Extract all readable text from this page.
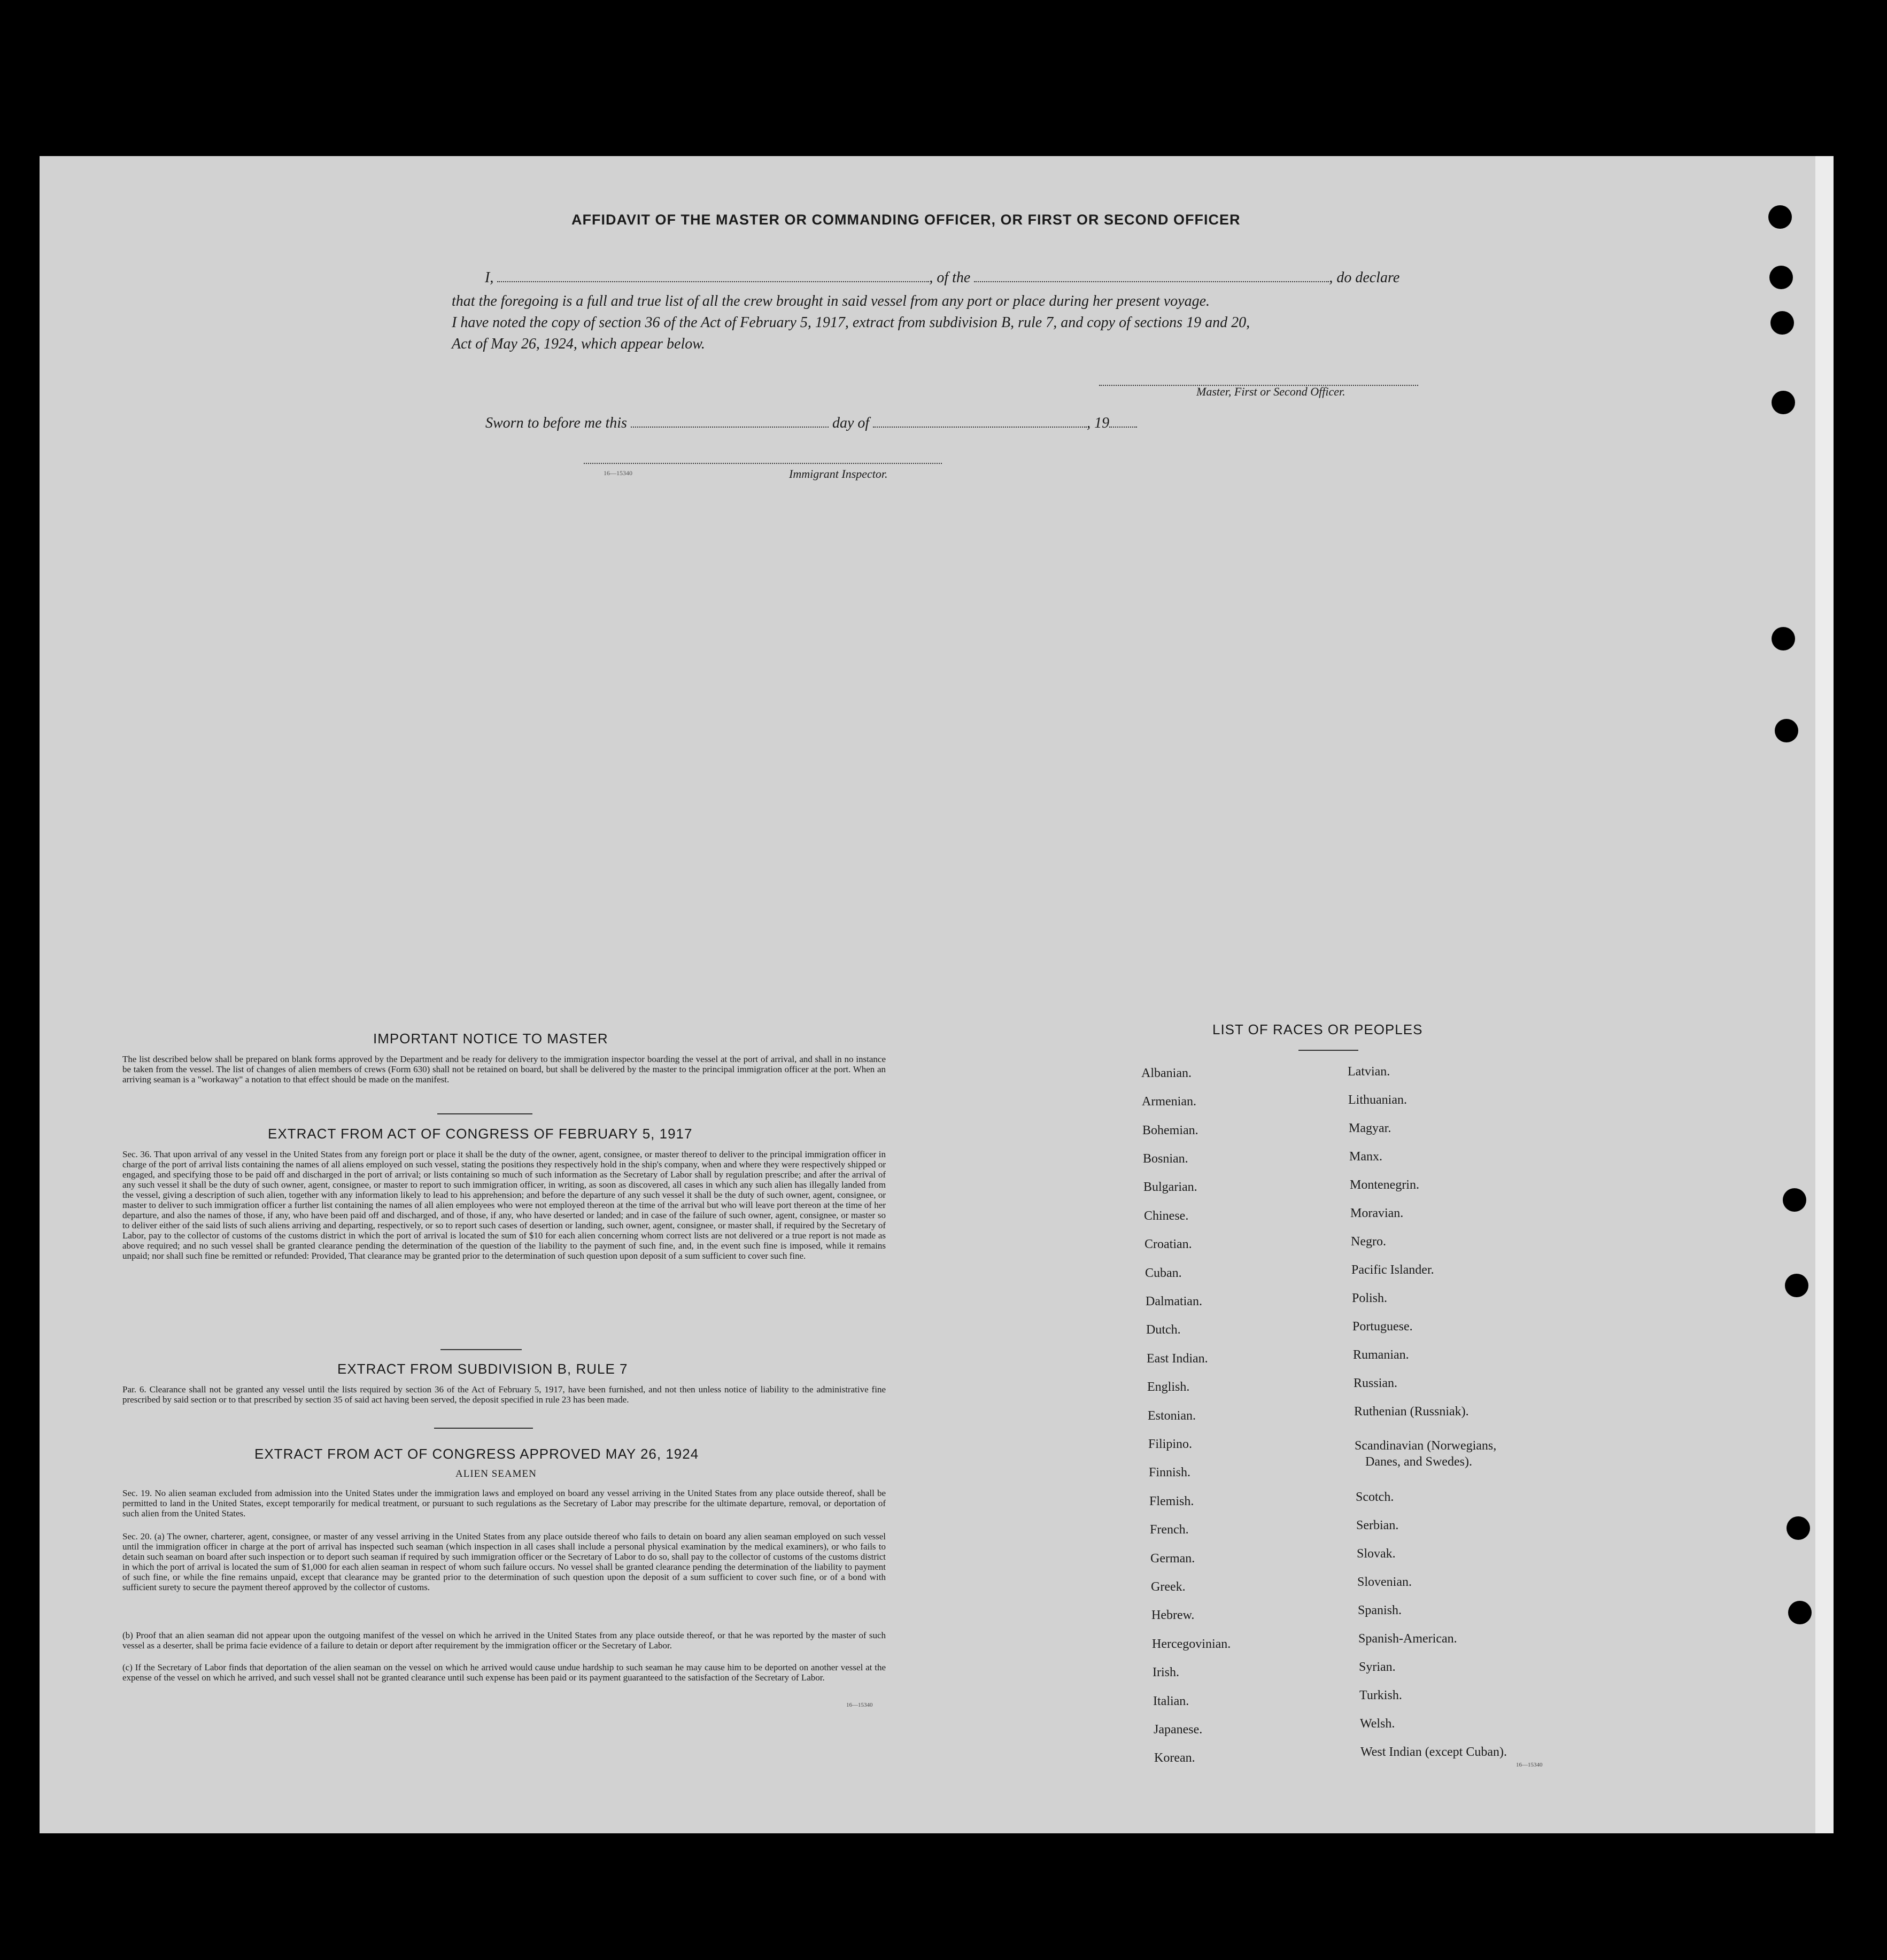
AFFIDAVIT OF THE MASTER OR COMMANDING OFFICER, OR FIRST OR SECOND OFFICER
I,	, of the	, do declare
that the foregoing is a full and true list of all the crew brought in said vessel from any port or place during her present voyage.
I have noted the copy of section 36 of the Act of February 5, 1917, extract from subdivision B, rule 7, and copy of sections 19 and 20,
Act of May 26, 1924, which appear below.
Master, First or Second Officer.
Sworn to before me this	day of	, 19
16—15340	Immigrant Inspector.
IMPORTANT NOTICE TO MASTER
The list described below shall be prepared on blank forms approved by the Department and be ready for delivery to the immigration inspector boarding the vessel at the port of arrival, and shall in no instance be taken from the vessel. The list of changes of alien members of crews (Form 630) shall not be retained on board, but shall be delivered by the master to the principal immigration officer at the port. When an arriving seaman is a "workaway" a notation to that effect should be made on the manifest.
EXTRACT FROM ACT OF CONGRESS OF FEBRUARY 5, 1917
Sec. 36. That upon arrival of any vessel in the United States from any foreign port or place it shall be the duty of the owner, agent, consignee, or master thereof to deliver to the principal immigration officer in charge of the port of arrival lists containing the names of all aliens employed on such vessel, stating the positions they respectively hold in the ship's company, when and where they were respectively shipped or engaged, and specifying those to be paid off and discharged in the port of arrival; or lists containing so much of such information as the Secretary of Labor shall by regulation prescribe; and after the arrival of any such vessel it shall be the duty of such owner, agent, consignee, or master to report to such immigration officer, in writing, as soon as discovered, all cases in which any such alien has illegally landed from the vessel, giving a description of such alien, together with any information likely to lead to his apprehension; and before the departure of any such vessel it shall be the duty of such owner, agent, consignee, or master to deliver to such immigration officer a further list containing the names of all alien employees who were not employed thereon at the time of the arrival but who will leave port thereon at the time of her departure, and also the names of those, if any, who have been paid off and discharged, and of those, if any, who have deserted or landed; and in case of the failure of such owner, agent, consignee, or master so to deliver either of the said lists of such aliens arriving and departing, respectively, or so to report such cases of desertion or landing, such owner, agent, consignee, or master shall, if required by the Secretary of Labor, pay to the collector of customs of the customs district in which the port of arrival is located the sum of $10 for each alien concerning whom correct lists are not delivered or a true report is not made as above required; and no such vessel shall be granted clearance pending the determination of the question of the liability to the payment of such fine, and, in the event such fine is imposed, while it remains unpaid; nor shall such fine be remitted or refunded: Provided, That clearance may be granted prior to the determination of such question upon deposit of a sum sufficient to cover such fine.
EXTRACT FROM SUBDIVISION B, RULE 7
Par. 6. Clearance shall not be granted any vessel until the lists required by section 36 of the Act of February 5, 1917, have been furnished, and not then unless notice of liability to the administrative fine prescribed by said section or to that prescribed by section 35 of said act having been served, the deposit specified in rule 23 has been made.
EXTRACT FROM ACT OF CONGRESS APPROVED MAY 26, 1924
ALIEN SEAMEN
Sec. 19. No alien seaman excluded from admission into the United States under the immigration laws and employed on board any vessel arriving in the United States from any place outside thereof, shall be permitted to land in the United States, except temporarily for medical treatment, or pursuant to such regulations as the Secretary of Labor may prescribe for the ultimate departure, removal, or deportation of such alien from the United States.
Sec. 20. (a) The owner, charterer, agent, consignee, or master of any vessel arriving in the United States from any place outside thereof who fails to detain on board any alien seaman employed on such vessel until the immigration officer in charge at the port of arrival has inspected such seaman (which inspection in all cases shall include a personal physical examination by the medical examiners), or who fails to detain such seaman on board after such inspection or to deport such seaman if required by such immigration officer or the Secretary of Labor to do so, shall pay to the collector of customs of the customs district in which the port of arrival is located the sum of $1,000 for each alien seaman in respect of whom such failure occurs. No vessel shall be granted clearance pending the determination of the liability to payment of such fine, or while the fine remains unpaid, except that clearance may be granted prior to the determination of such question upon the deposit of a sum sufficient to cover such fine, or of a bond with sufficient surety to secure the payment thereof approved by the collector of customs.
(b) Proof that an alien seaman did not appear upon the outgoing manifest of the vessel on which he arrived in the United States from any place outside thereof, or that he was reported by the master of such vessel as a deserter, shall be prima facie evidence of a failure to detain or deport after requirement by the immigration officer or the Secretary of Labor.
(c) If the Secretary of Labor finds that deportation of the alien seaman on the vessel on which he arrived would cause undue hardship to such seaman he may cause him to be deported on another vessel at the expense of the vessel on which he arrived, and such vessel shall not be granted clearance until such expense has been paid or its payment guaranteed to the satisfaction of the Secretary of Labor.
16—15340
LIST OF RACES OR PEOPLES
Albanian.
Armenian.
Bohemian.
Bosnian.
Bulgarian.
Chinese.
Croatian.
Cuban.
Dalmatian.
Dutch.
East Indian.
English.
Estonian.
Filipino.
Finnish.
Flemish.
French.
German.
Greek.
Hebrew.
Hercegovinian.
Irish.
Italian.
Japanese.
Korean.
Latvian.
Lithuanian.
Magyar.
Manx.
Montenegrin.
Moravian.
Negro.
Pacific Islander.
Polish.
Portuguese.
Rumanian.
Russian.
Ruthenian (Russniak).
Scandinavian (Norwegians,
Danes, and Swedes).
Scotch.
Serbian.
Slovak.
Slovenian.
Spanish.
Spanish-American.
Syrian.
Turkish.
Welsh.
West Indian (except Cuban).
16—15340
